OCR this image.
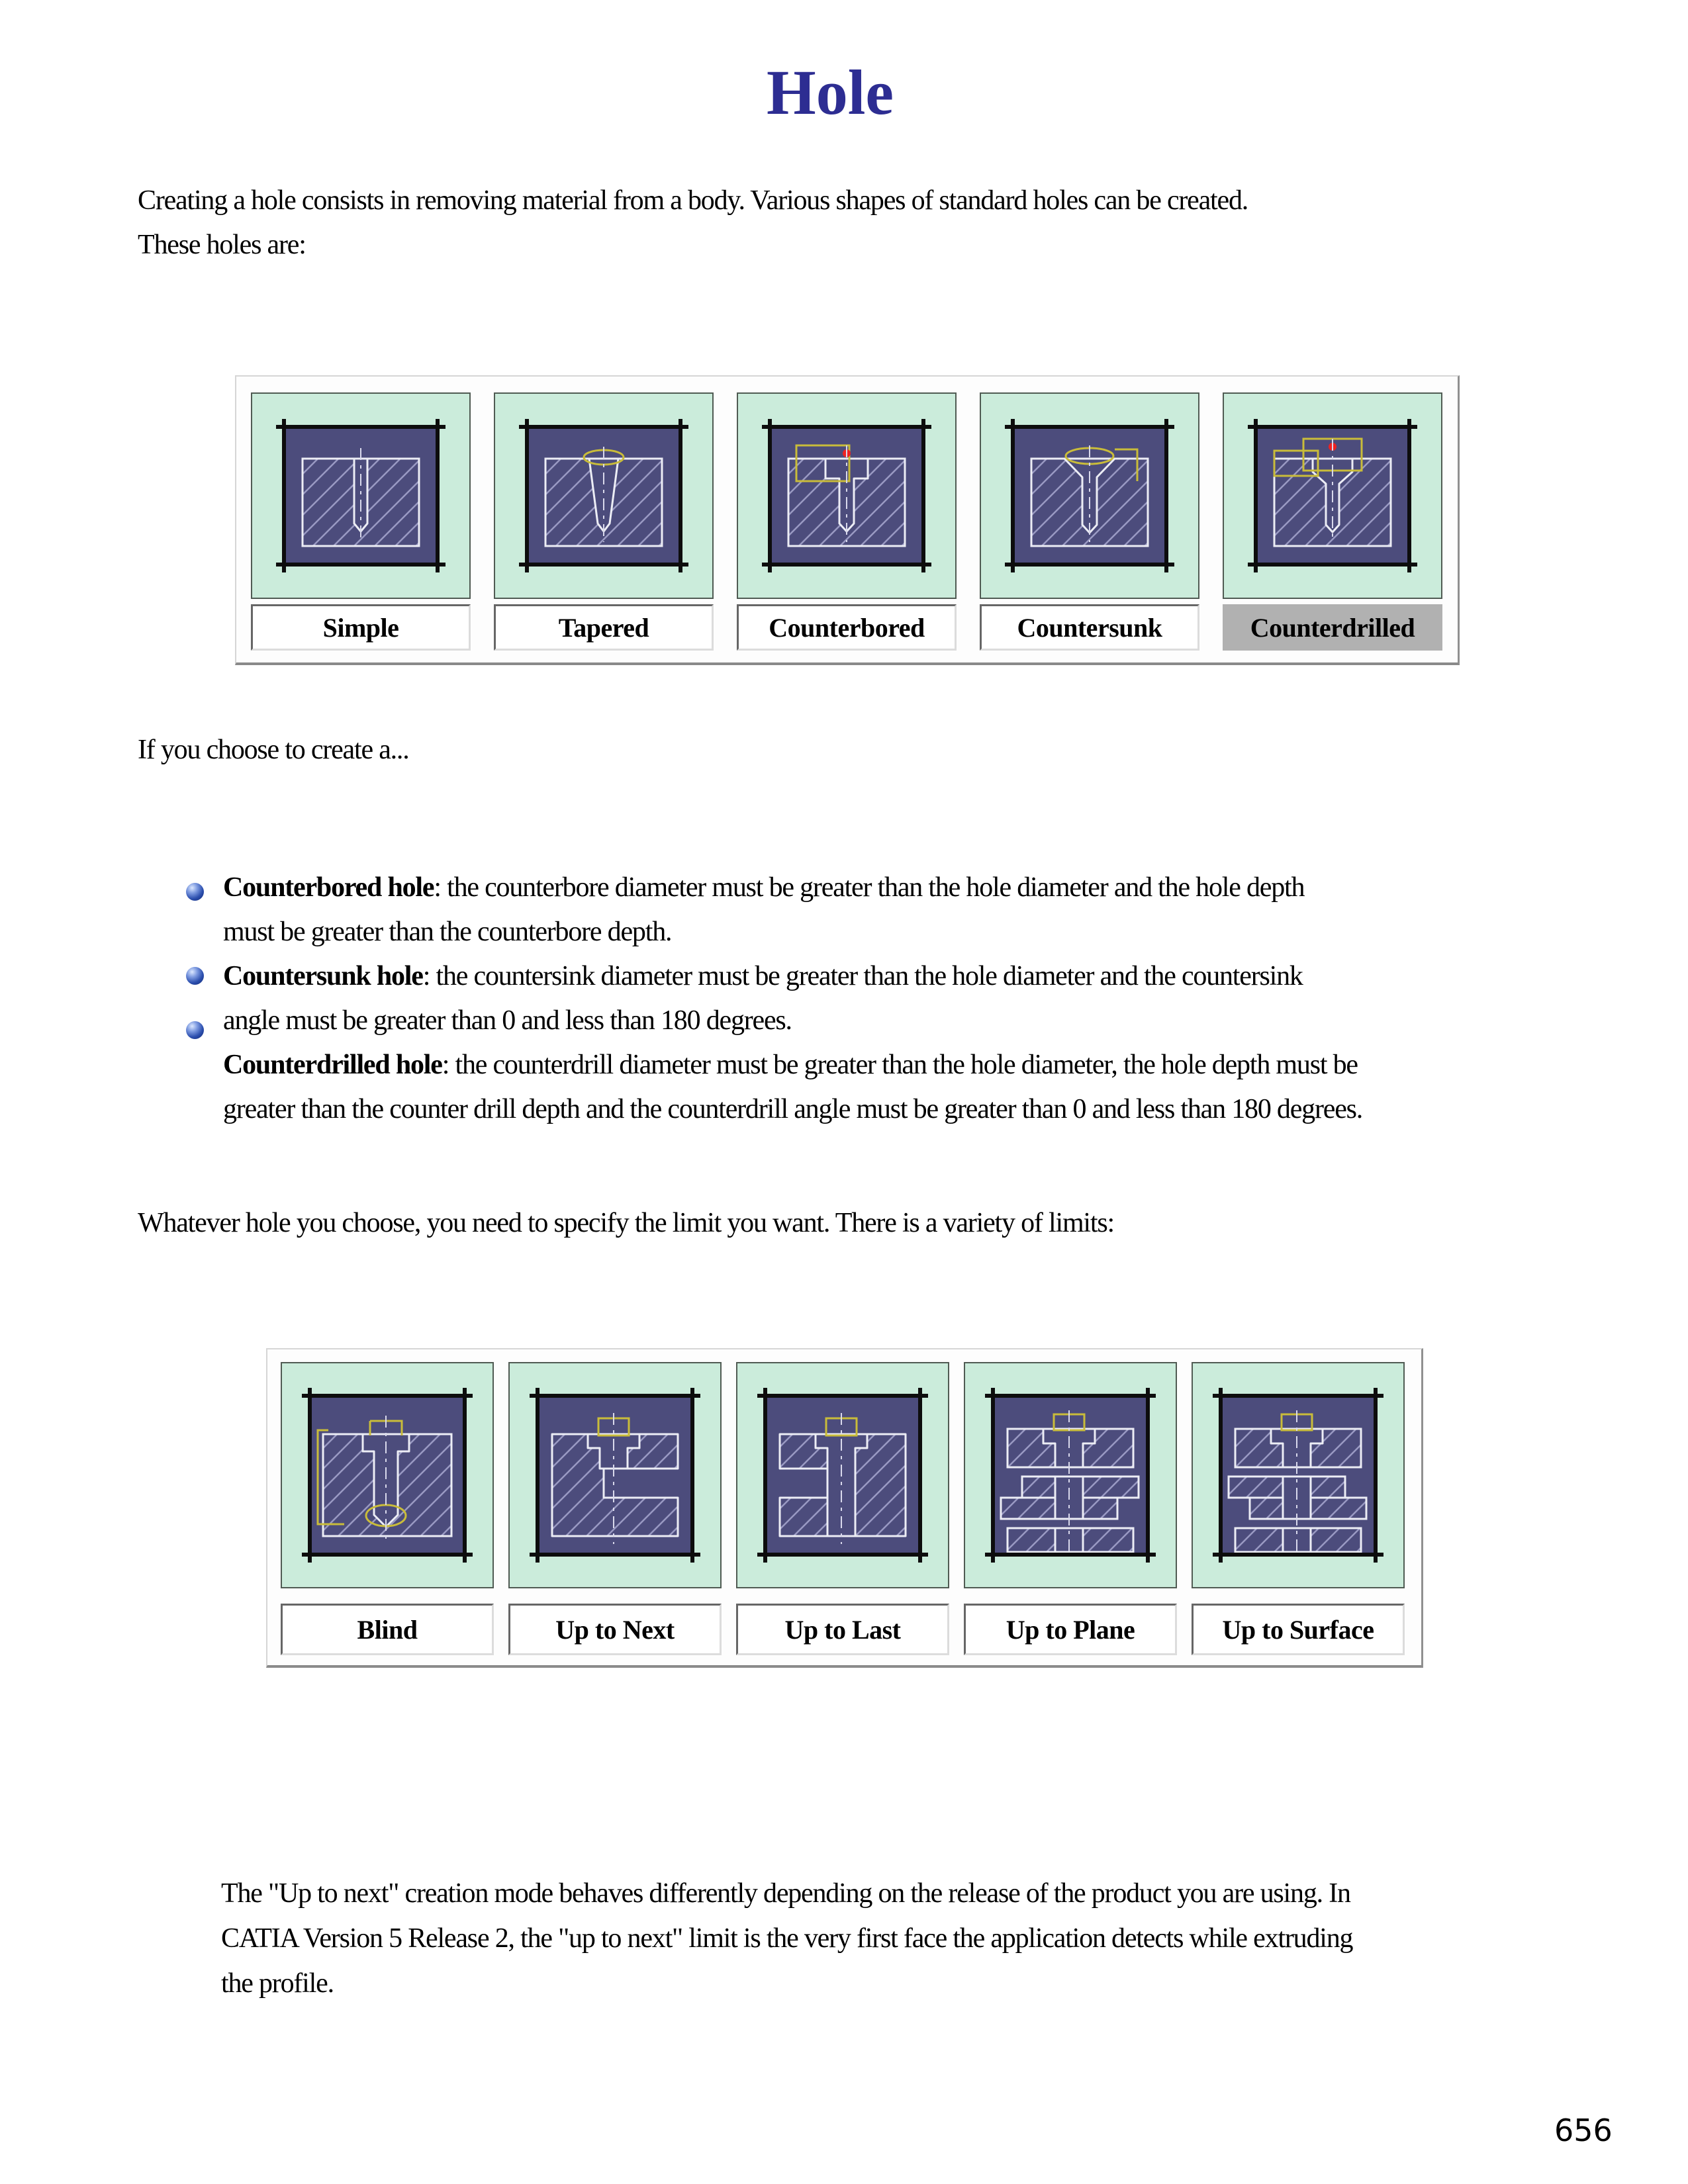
Hole
Creating a hole consists in removing material from a body. Various shapes of standard holes can be created.
These holes are:
Simple	Tapered	Counterbored	Countersunk	Counterdrilled
If you choose to create a...
Counterbored hole: the counterbore diameter must be greater than the hole diameter and the hole depth
must be greater than the counterbore depth.
Countersunk hole: the countersink diameter must be greater than the hole diameter and the countersink
angle must be greater than 0 and less than 180 degrees.
Counterdrilled hole: the counterdrill diameter must be greater than the hole diameter, the hole depth must be
greater than the counter drill depth and the counterdrill angle must be greater than 0 and less than 180 degrees.
Whatever hole you choose, you need to specify the limit you want. There is a variety of limits:
Blind	Up to Next	Up to Last	Up to Plane	Up to Surface
The "Up to next" creation mode behaves differently depending on the release of the product you are using. In
CATIA Version 5 Release 2, the "up to next" limit is the very first face the application detects while extruding
the profile.
656
